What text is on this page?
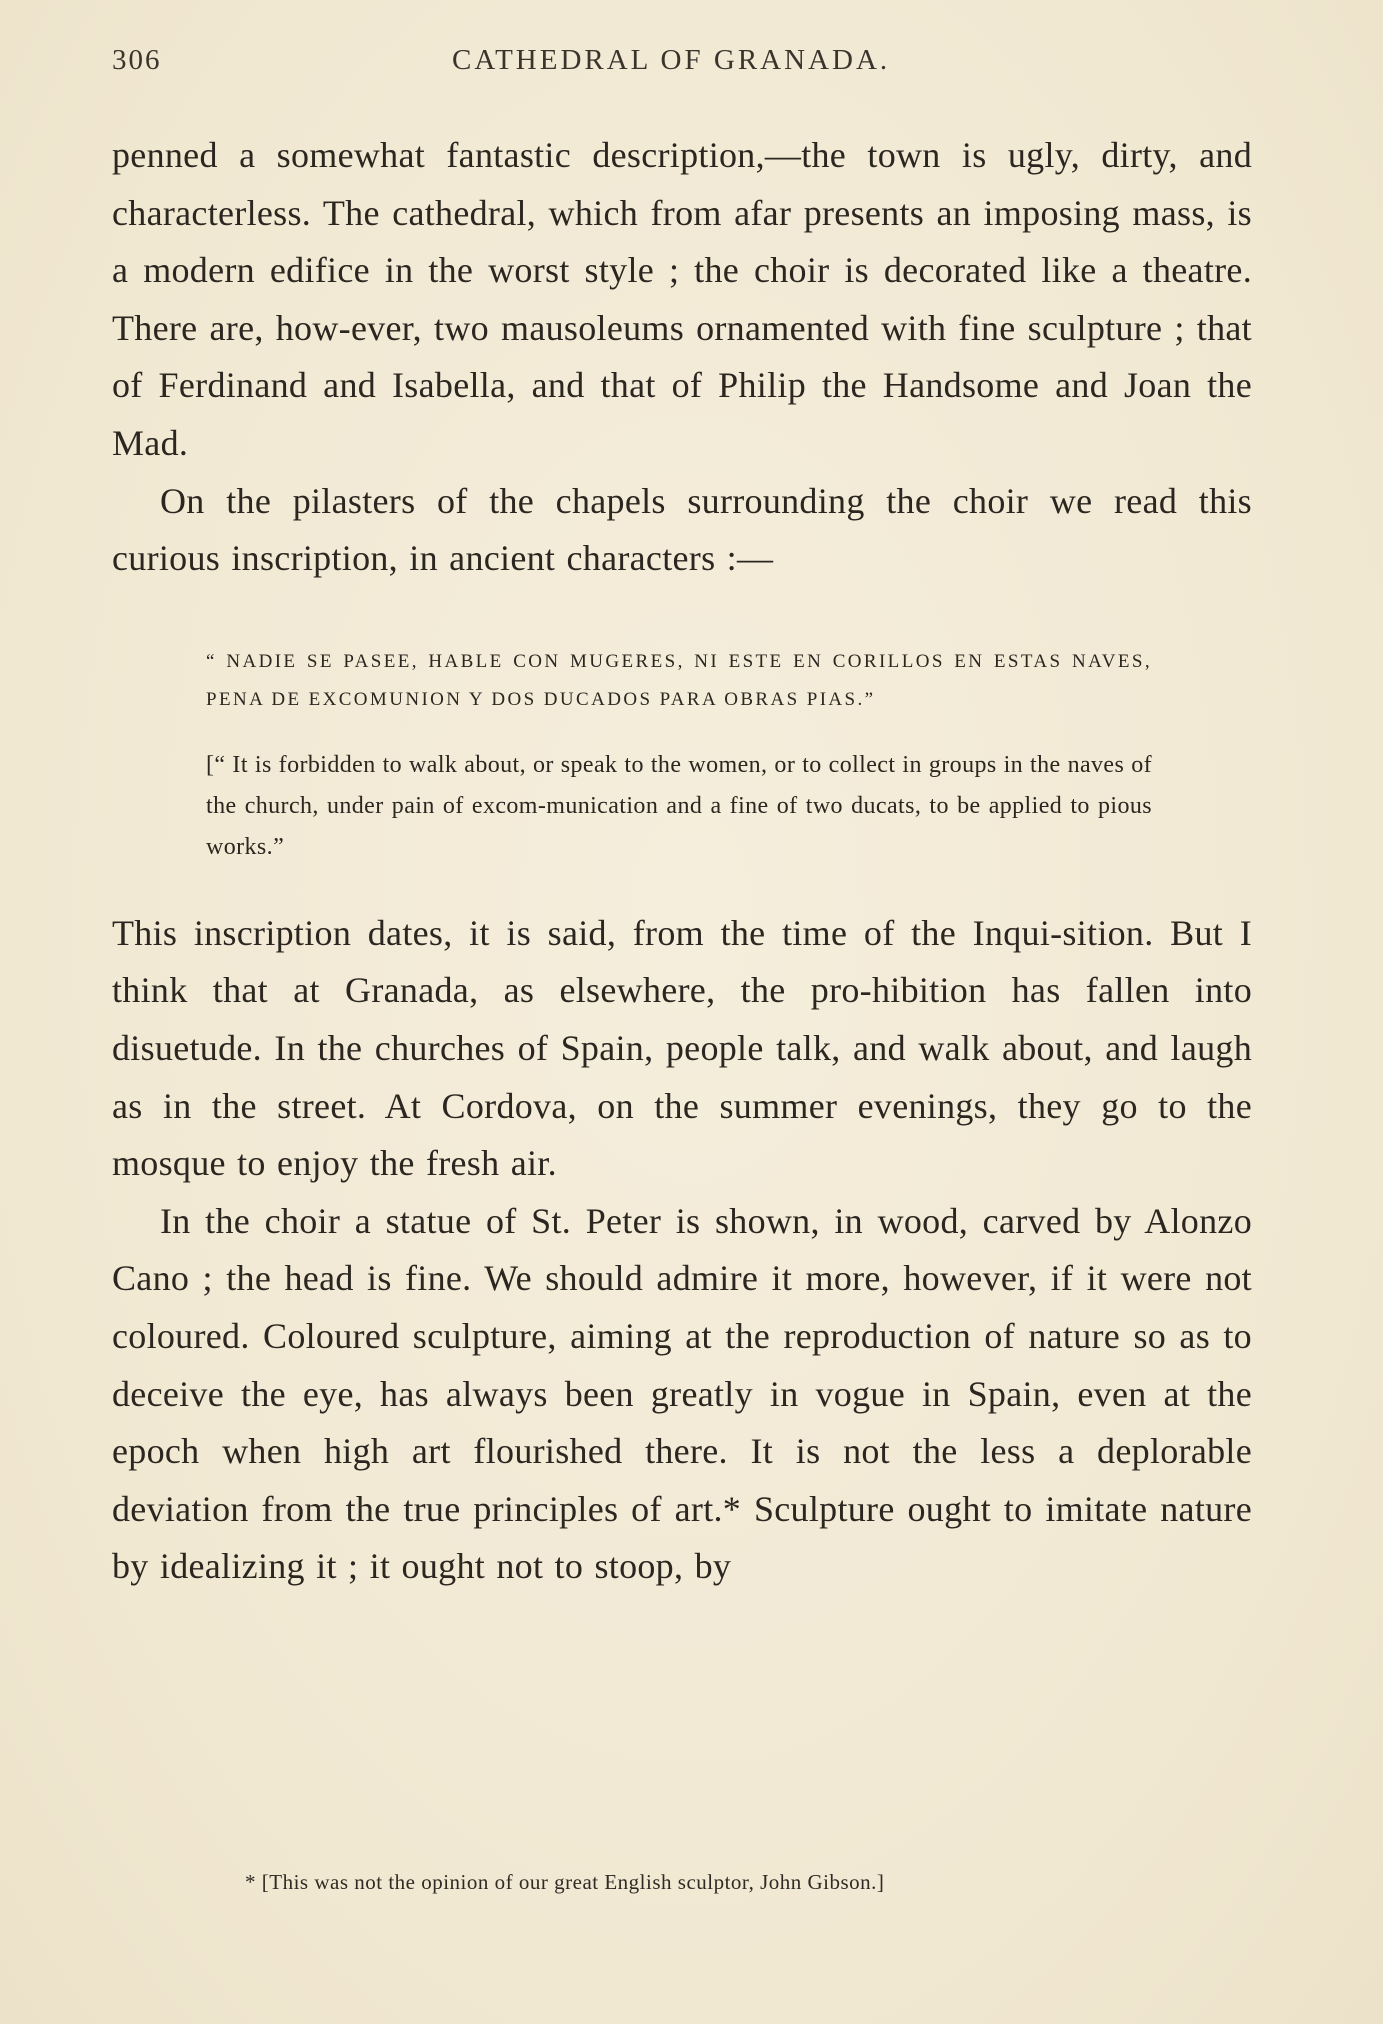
306	CATHEDRAL OF GRANADA.

penned a somewhat fantastic description,—the town is ugly, dirty, and characterless. The cathedral, which from afar presents an imposing mass, is a modern edifice in the worst style ; the choir is decorated like a theatre. There are, how-ever, two mausoleums ornamented with fine sculpture ; that of Ferdinand and Isabella, and that of Philip the Handsome and Joan the Mad.

On the pilasters of the chapels surrounding the choir we read this curious inscription, in ancient characters :—

“ NADIE SE PASEE, HABLE CON MUGERES, NI ESTE EN CORILLOS EN ESTAS NAVES, PENA DE EXCOMUNION Y DOS DUCADOS PARA OBRAS PIAS.”

[“ It is forbidden to walk about, or speak to the women, or to collect in groups in the naves of the church, under pain of excom-munication and a fine of two ducats, to be applied to pious works.”

This inscription dates, it is said, from the time of the Inqui-sition. But I think that at Granada, as elsewhere, the pro-hibition has fallen into disuetude. In the churches of Spain, people talk, and walk about, and laugh as in the street. At Cordova, on the summer evenings, they go to the mosque to enjoy the fresh air.

In the choir a statue of St. Peter is shown, in wood, carved by Alonzo Cano ; the head is fine. We should admire it more, however, if it were not coloured. Coloured sculpture, aiming at the reproduction of nature so as to deceive the eye, has always been greatly in vogue in Spain, even at the epoch when high art flourished there. It is not the less a deplorable deviation from the true principles of art.* Sculpture ought to imitate nature by idealizing it ; it ought not to stoop, by

* [This was not the opinion of our great English sculptor, John Gibson.]
